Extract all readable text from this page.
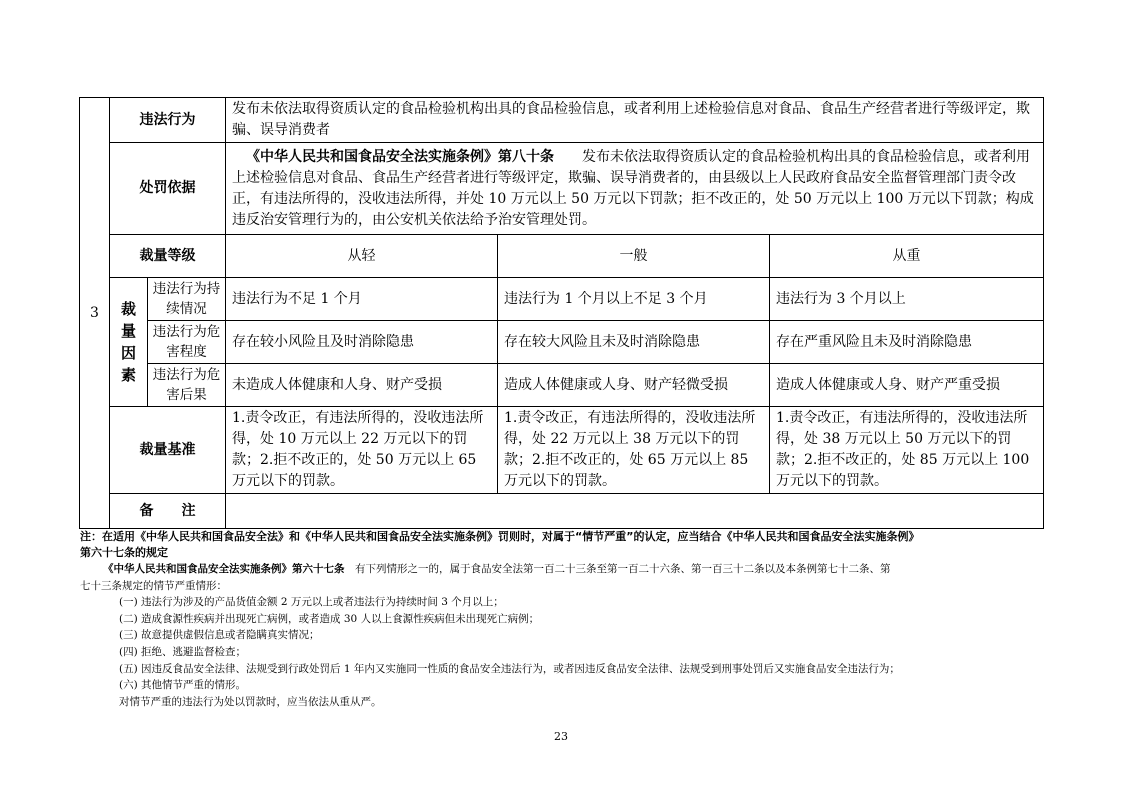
3	违法行为		发布未依法取得资质认定的食品检验机构出具的食品检验信息，或者利用上述检验信息对食品、食品生产经营者进行等级评定，欺骗、误导消费者		
	处罚依据		《中华人民共和国食品安全法实施条例》第八十条　　 发布未依法取得资质认定的食品检验机构出具的食品检验信息，或者利用上述检验信息对食品、食品生产经营者进行等级评定，欺骗、误导消费者的，由县级以上人民政府食品安全监督管理部门责令改正，有违法所得的，没收违法所得，并处 10 万元以上 50 万元以下罚款；拒不改正的，处 50 万元以上 100 万元以下罚款；构成违反治安管理行为的，由公安机关依法给予治安管理处罚。		
	裁量等级		从轻	一般	从重
	裁量因素	违法行为持续情况	违法行为不足 1 个月	违法行为 1 个月以上不足 3 个月	违法行为 3 个月以上
		违法行为危害程度	存在较小风险且及时消除隐患	存在较大风险且未及时消除隐患	存在严重风险且未及时消除隐患
		违法行为危害后果	未造成人体健康和人身、财产受损	造成人体健康或人身、财产轻微受损	造成人体健康或人身、财产严重受损
	裁量基准		1.责令改正，有违法所得的，没收违法所得，处 10 万元以上 22 万元以下的罚款；2.拒不改正的，处 50 万元以上 65 万元以下的罚款。	1.责令改正，有违法所得的，没收违法所得，处 22 万元以上 38 万元以下的罚款；2.拒不改正的，处 65 万元以上 85 万元以下的罚款。	1.责令改正，有违法所得的，没收违法所得，处 38 万元以上 50 万元以下的罚款；2.拒不改正的，处 85 万元以上 100 万元以下的罚款。
	备　　注				
注：在适用《中华人民共和国食品安全法》和《中华人民共和国食品安全法实施条例》罚则时，对属于“情节严重”的认定，应当结合《中华人民共和国食品安全法实施条例》
第六十七条的规定
《中华人民共和国食品安全法实施条例》第六十七条　 有下列情形之一的，属于食品安全法第一百二十三条至第一百二十六条、第一百三十二条以及本条例第七十二条、第
七十三条规定的情节严重情形：
(一) 违法行为涉及的产品货值金额 2 万元以上或者违法行为持续时间 3 个月以上；
(二) 造成食源性疾病并出现死亡病例，或者造成 30 人以上食源性疾病但未出现死亡病例；
(三) 故意提供虚假信息或者隐瞒真实情况；
(四) 拒绝、逃避监督检查；
(五) 因违反食品安全法律、法规受到行政处罚后 1 年内又实施同一性质的食品安全违法行为，或者因违反食品安全法律、法规受到刑事处罚后又实施食品安全违法行为；
(六) 其他情节严重的情形。
对情节严重的违法行为处以罚款时，应当依法从重从严。
23
